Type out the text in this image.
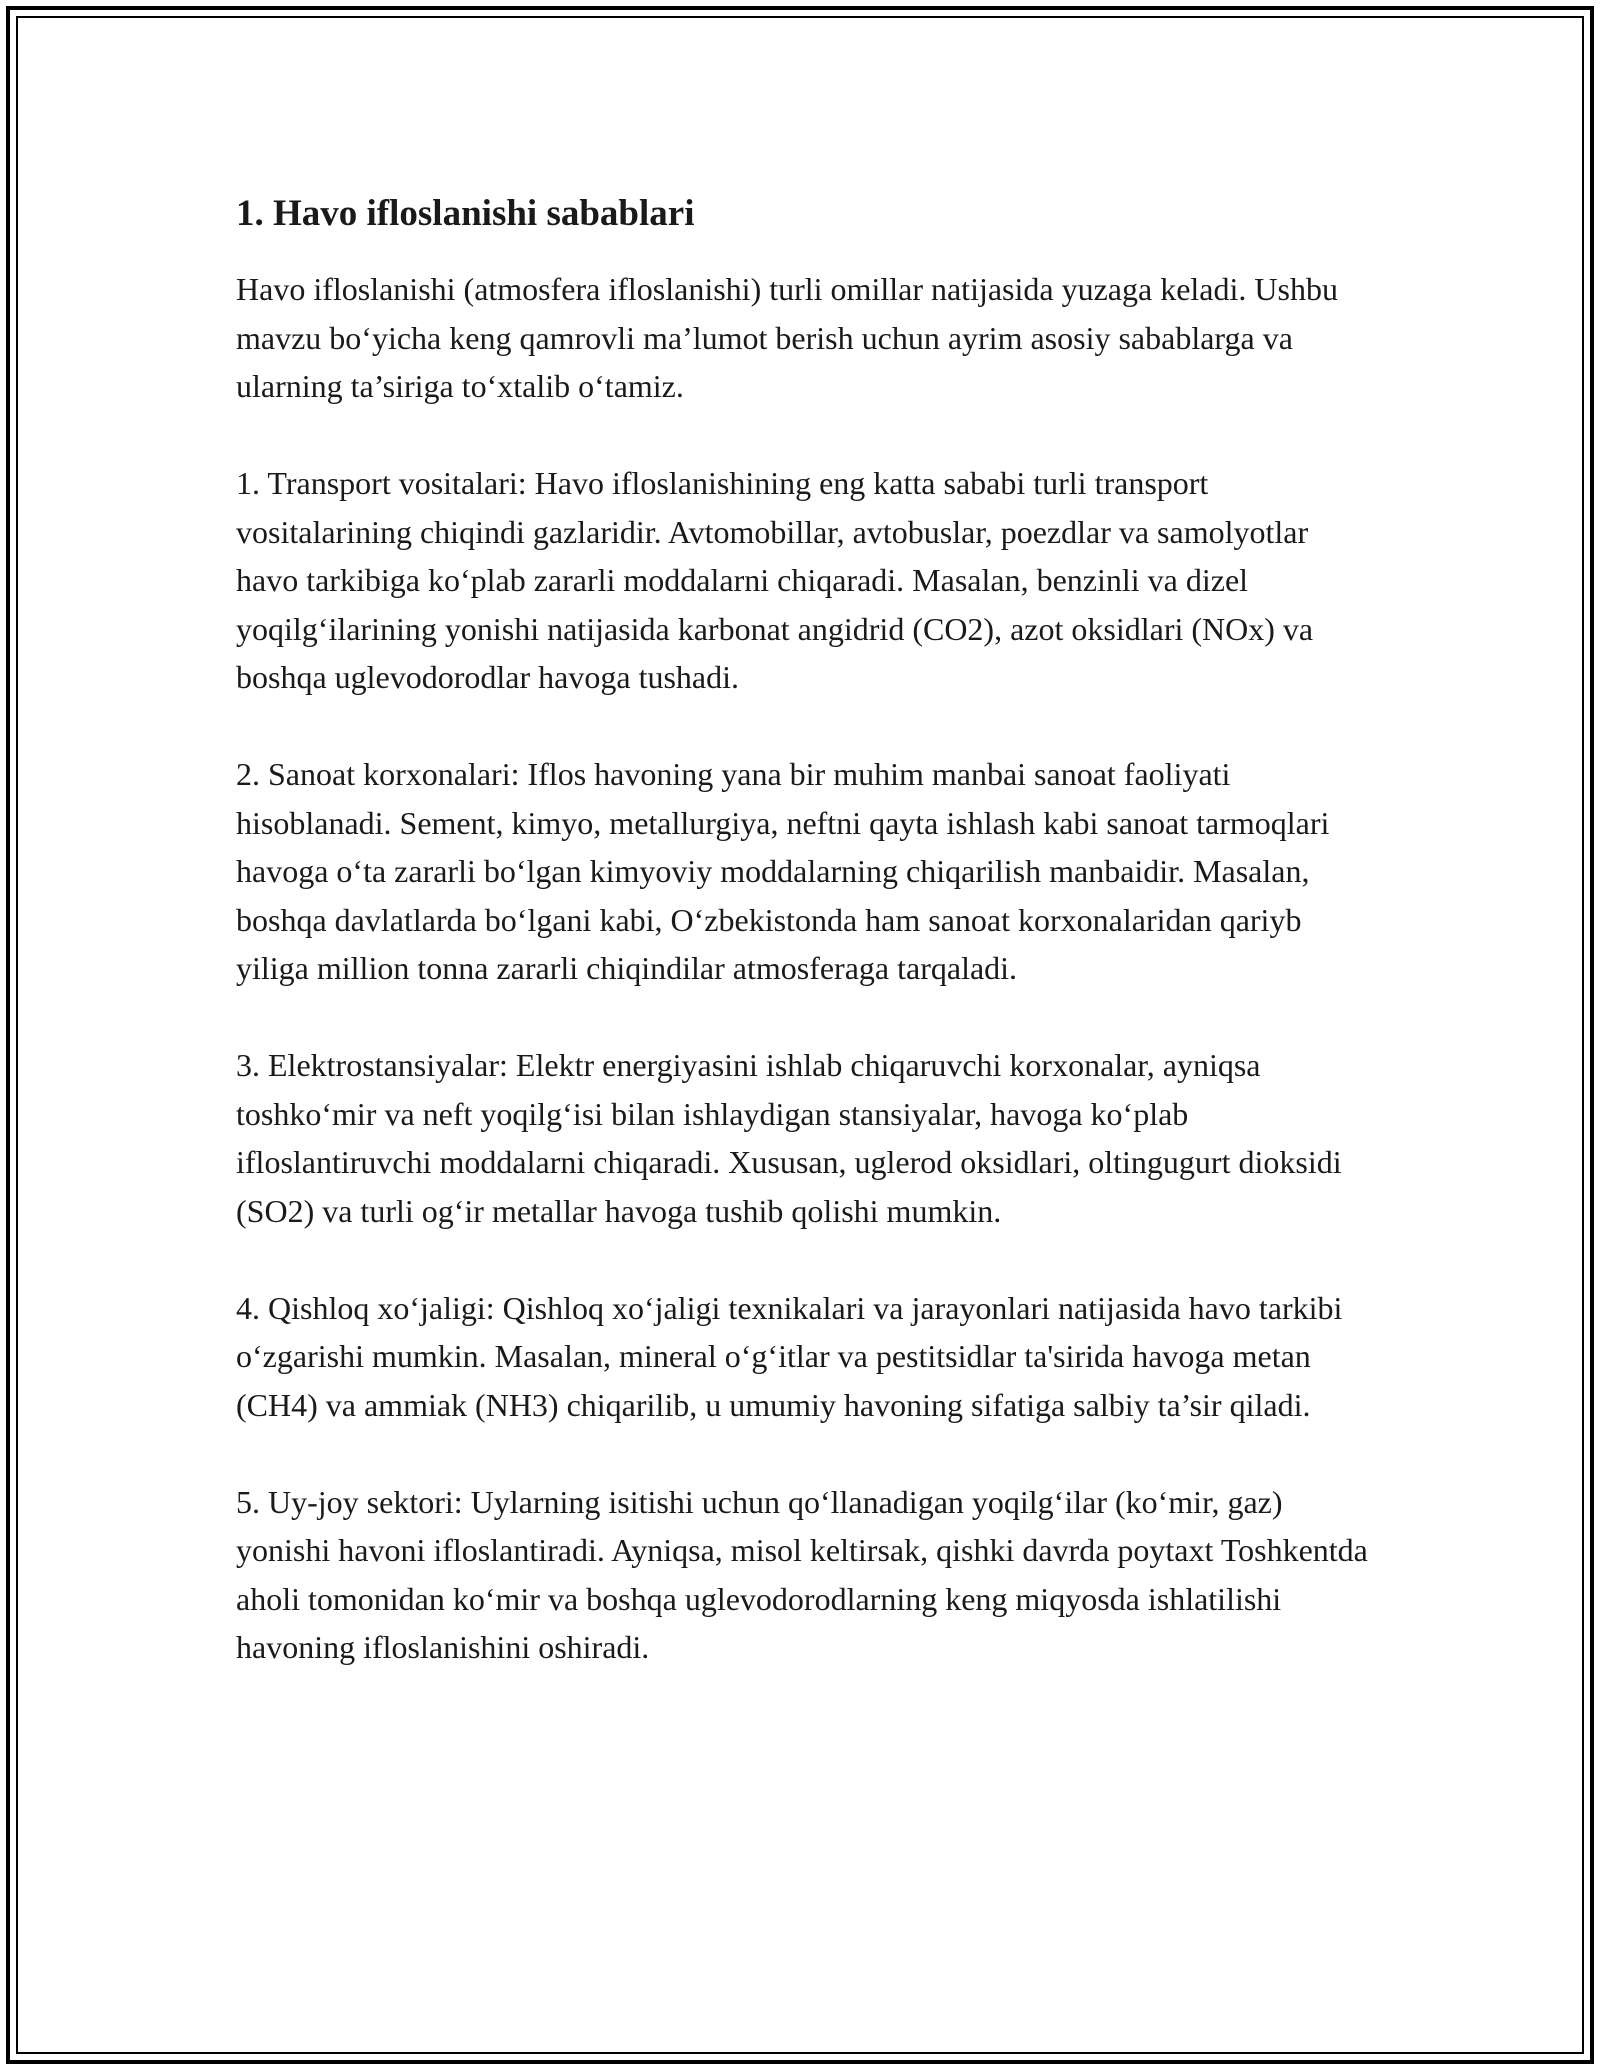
1. Havo ifloslanishi sabablari

Havo ifloslanishi (atmosfera ifloslanishi) turli omillar natijasida yuzaga keladi. Ushbu mavzu bo‘yicha keng qamrovli ma’lumot berish uchun ayrim asosiy sabablarga va ularning ta’siriga to‘xtalib o‘tamiz.

1. Transport vositalari: Havo ifloslanishining eng katta sababi turli transport vositalarining chiqindi gazlaridir. Avtomobillar, avtobuslar, poezdlar va samolyotlar havo tarkibiga ko‘plab zararli moddalarni chiqaradi. Masalan, benzinli va dizel yoqilg‘ilarining yonishi natijasida karbonat angidrid (CO2), azot oksidlari (NOx) va boshqa uglevodorodlar havoga tushadi.

2. Sanoat korxonalari: Iflos havoning yana bir muhim manbai sanoat faoliyati hisoblanadi. Sement, kimyo, metallurgiya, neftni qayta ishlash kabi sanoat tarmoqlari havoga o‘ta zararli bo‘lgan kimyoviy moddalarning chiqarilish manbaidir. Masalan, boshqa davlatlarda bo‘lgani kabi, O‘zbekistonda ham sanoat korxonalaridan qariyb yiliga million tonna zararli chiqindilar atmosferaga tarqaladi.

3. Elektrostansiyalar: Elektr energiyasini ishlab chiqaruvchi korxonalar, ayniqsa toshko‘mir va neft yoqilg‘isi bilan ishlaydigan stansiyalar, havoga ko‘plab ifloslantiruvchi moddalarni chiqaradi. Xususan, uglerod oksidlari, oltingugurt dioksidi (SO2) va turli og‘ir metallar havoga tushib qolishi mumkin.

4. Qishloq xo‘jaligi: Qishloq xo‘jaligi texnikalari va jarayonlari natijasida havo tarkibi o‘zgarishi mumkin. Masalan, mineral o‘g‘itlar va pestitsidlar ta'sirida havoga metan (CH4) va ammiak (NH3) chiqarilib, u umumiy havoning sifatiga salbiy ta’sir qiladi.

5. Uy-joy sektori: Uylarning isitishi uchun qo‘llanadigan yoqilg‘ilar (ko‘mir, gaz) yonishi havoni ifloslantiradi. Ayniqsa, misol keltirsak, qishki davrda poytaxt Toshkentda aholi tomonidan ko‘mir va boshqa uglevodorodlarning keng miqyosda ishlatilishi havoning ifloslanishini oshiradi.
